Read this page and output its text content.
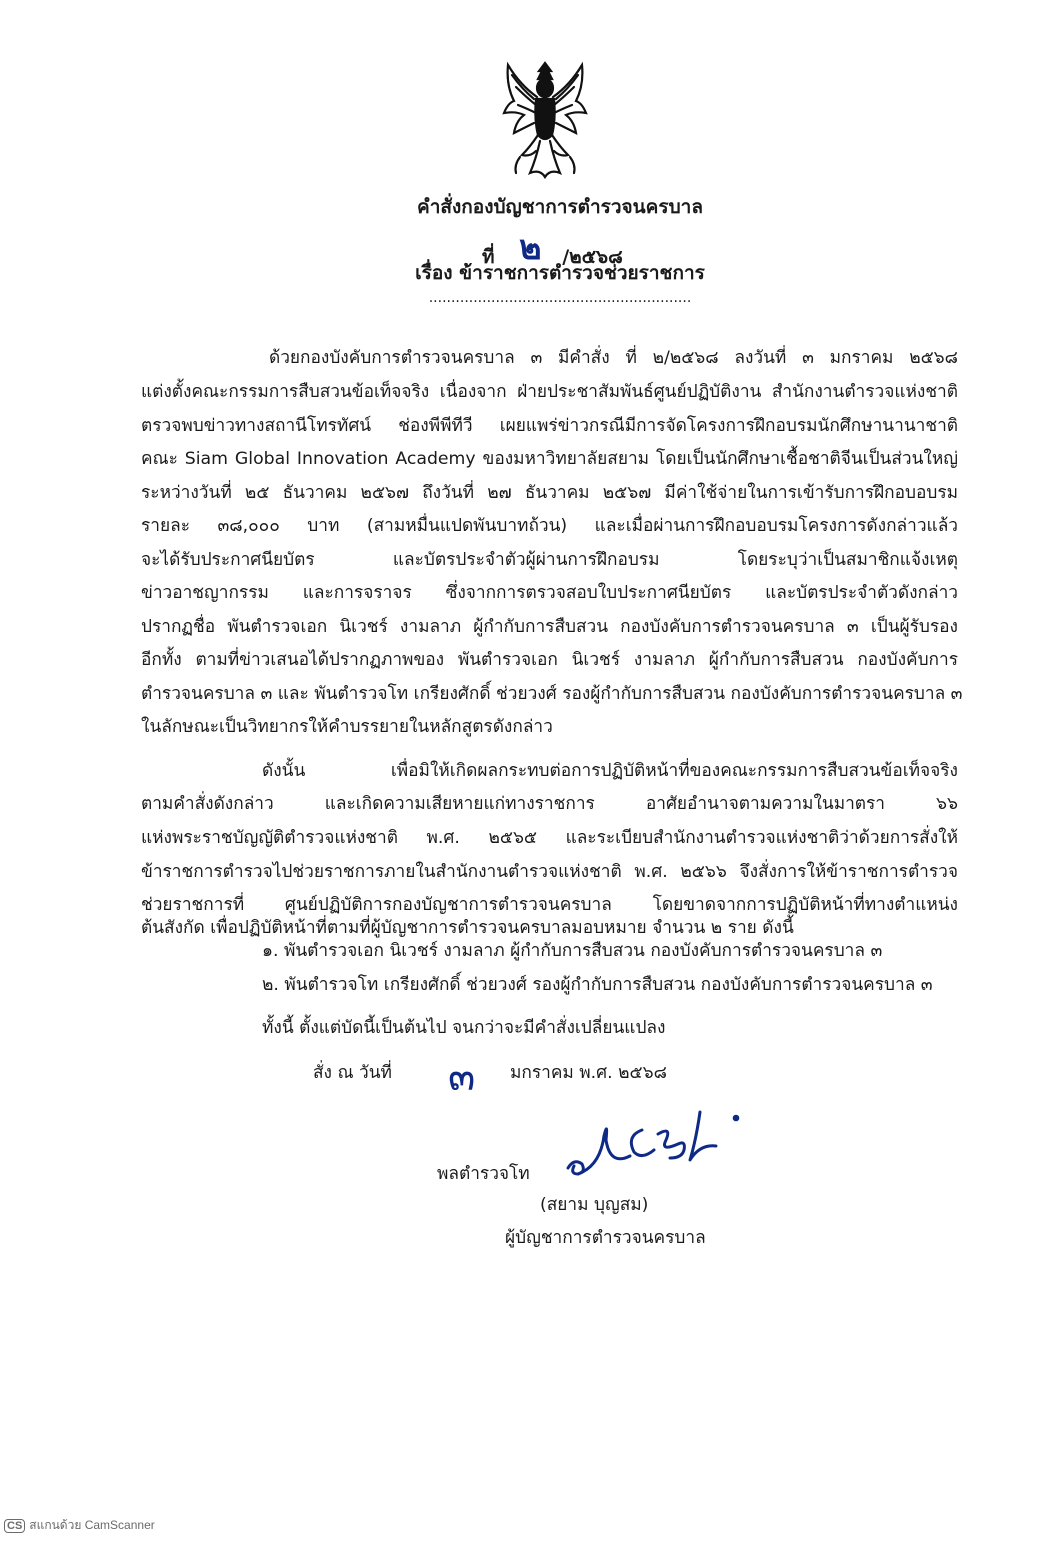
คำสั่งกองบัญชาการตำรวจนครบาล
ที่ ๒ /๒๕๖๘
เรื่อง ข้าราชการตำรวจช่วยราชการ
...........................................................
ด้วยกองบังคับการตำรวจนครบาล ๓ มีคำสั่ง ที่ ๒/๒๕๖๘ ลงวันที่ ๓ มกราคม ๒๕๖๘
แต่งตั้งคณะกรรมการสืบสวนข้อเท็จจริง เนื่องจาก ฝ่ายประชาสัมพันธ์ศูนย์ปฏิบัติงาน สำนักงานตำรวจแห่งชาติ
ตรวจพบข่าวทางสถานีโทรทัศน์ ช่องพีพีทีวี เผยแพร่ข่าวกรณีมีการจัดโครงการฝึกอบรมนักศึกษานานาชาติ
คณะ Siam Global Innovation Academy ของมหาวิทยาลัยสยาม โดยเป็นนักศึกษาเชื้อชาติจีนเป็นส่วนใหญ่
ระหว่างวันที่ ๒๕ ธันวาคม ๒๕๖๗ ถึงวันที่ ๒๗ ธันวาคม ๒๕๖๗ มีค่าใช้จ่ายในการเข้ารับการฝึกอบอบรม
รายละ ๓๘,๐๐๐ บาท (สามหมื่นแปดพันบาทถ้วน) และเมื่อผ่านการฝึกอบอบรมโครงการดังกล่าวแล้ว
จะได้รับประกาศนียบัตร และบัตรประจำตัวผู้ผ่านการฝึกอบรม โดยระบุว่าเป็นสมาชิกแจ้งเหตุ
ข่าวอาชญากรรม และการจราจร ซึ่งจากการตรวจสอบใบประกาศนียบัตร และบัตรประจำตัวดังกล่าว
ปรากฏชื่อ พันตำรวจเอก นิเวชร์ งามลาภ ผู้กำกับการสืบสวน กองบังคับการตำรวจนครบาล ๓ เป็นผู้รับรอง
อีกทั้ง ตามที่ข่าวเสนอได้ปรากฏภาพของ พันตำรวจเอก นิเวชร์ งามลาภ ผู้กำกับการสืบสวน กองบังคับการ
ตำรวจนครบาล ๓ และ พันตำรวจโท เกรียงศักดิ์ ช่วยวงศ์ รองผู้กำกับการสืบสวน กองบังคับการตำรวจนครบาล ๓
ในลักษณะเป็นวิทยากรให้คำบรรยายในหลักสูตรดังกล่าว
ดังนั้น เพื่อมิให้เกิดผลกระทบต่อการปฏิบัติหน้าที่ของคณะกรรมการสืบสวนข้อเท็จจริง
ตามคำสั่งดังกล่าว และเกิดความเสียหายแก่ทางราชการ อาศัยอำนาจตามความในมาตรา ๖๖
แห่งพระราชบัญญัติตำรวจแห่งชาติ พ.ศ. ๒๕๖๕ และระเบียบสำนักงานตำรวจแห่งชาติว่าด้วยการสั่งให้
ข้าราชการตำรวจไปช่วยราชการภายในสำนักงานตำรวจแห่งชาติ พ.ศ. ๒๕๖๖ จึงสั่งการให้ข้าราชการตำรวจ
ช่วยราชการที่ ศูนย์ปฏิบัติการกองบัญชาการตำรวจนครบาล โดยขาดจากการปฏิบัติหน้าที่ทางตำแหน่ง
ต้นสังกัด เพื่อปฏิบัติหน้าที่ตามที่ผู้บัญชาการตำรวจนครบาลมอบหมาย จำนวน ๒ ราย ดังนี้
๑. พันตำรวจเอก นิเวชร์ งามลาภ ผู้กำกับการสืบสวน กองบังคับการตำรวจนครบาล ๓
๒. พันตำรวจโท เกรียงศักดิ์ ช่วยวงศ์ รองผู้กำกับการสืบสวน กองบังคับการตำรวจนครบาล ๓
ทั้งนี้ ตั้งแต่บัดนี้เป็นต้นไป จนกว่าจะมีคำสั่งเปลี่ยนแปลง
สั่ง ณ วันที่ ๓ มกราคม พ.ศ. ๒๕๖๘
พลตำรวจโท
(สยาม บุญสม)
ผู้บัญชาการตำรวจนครบาล
CS สแกนด้วย CamScanner
